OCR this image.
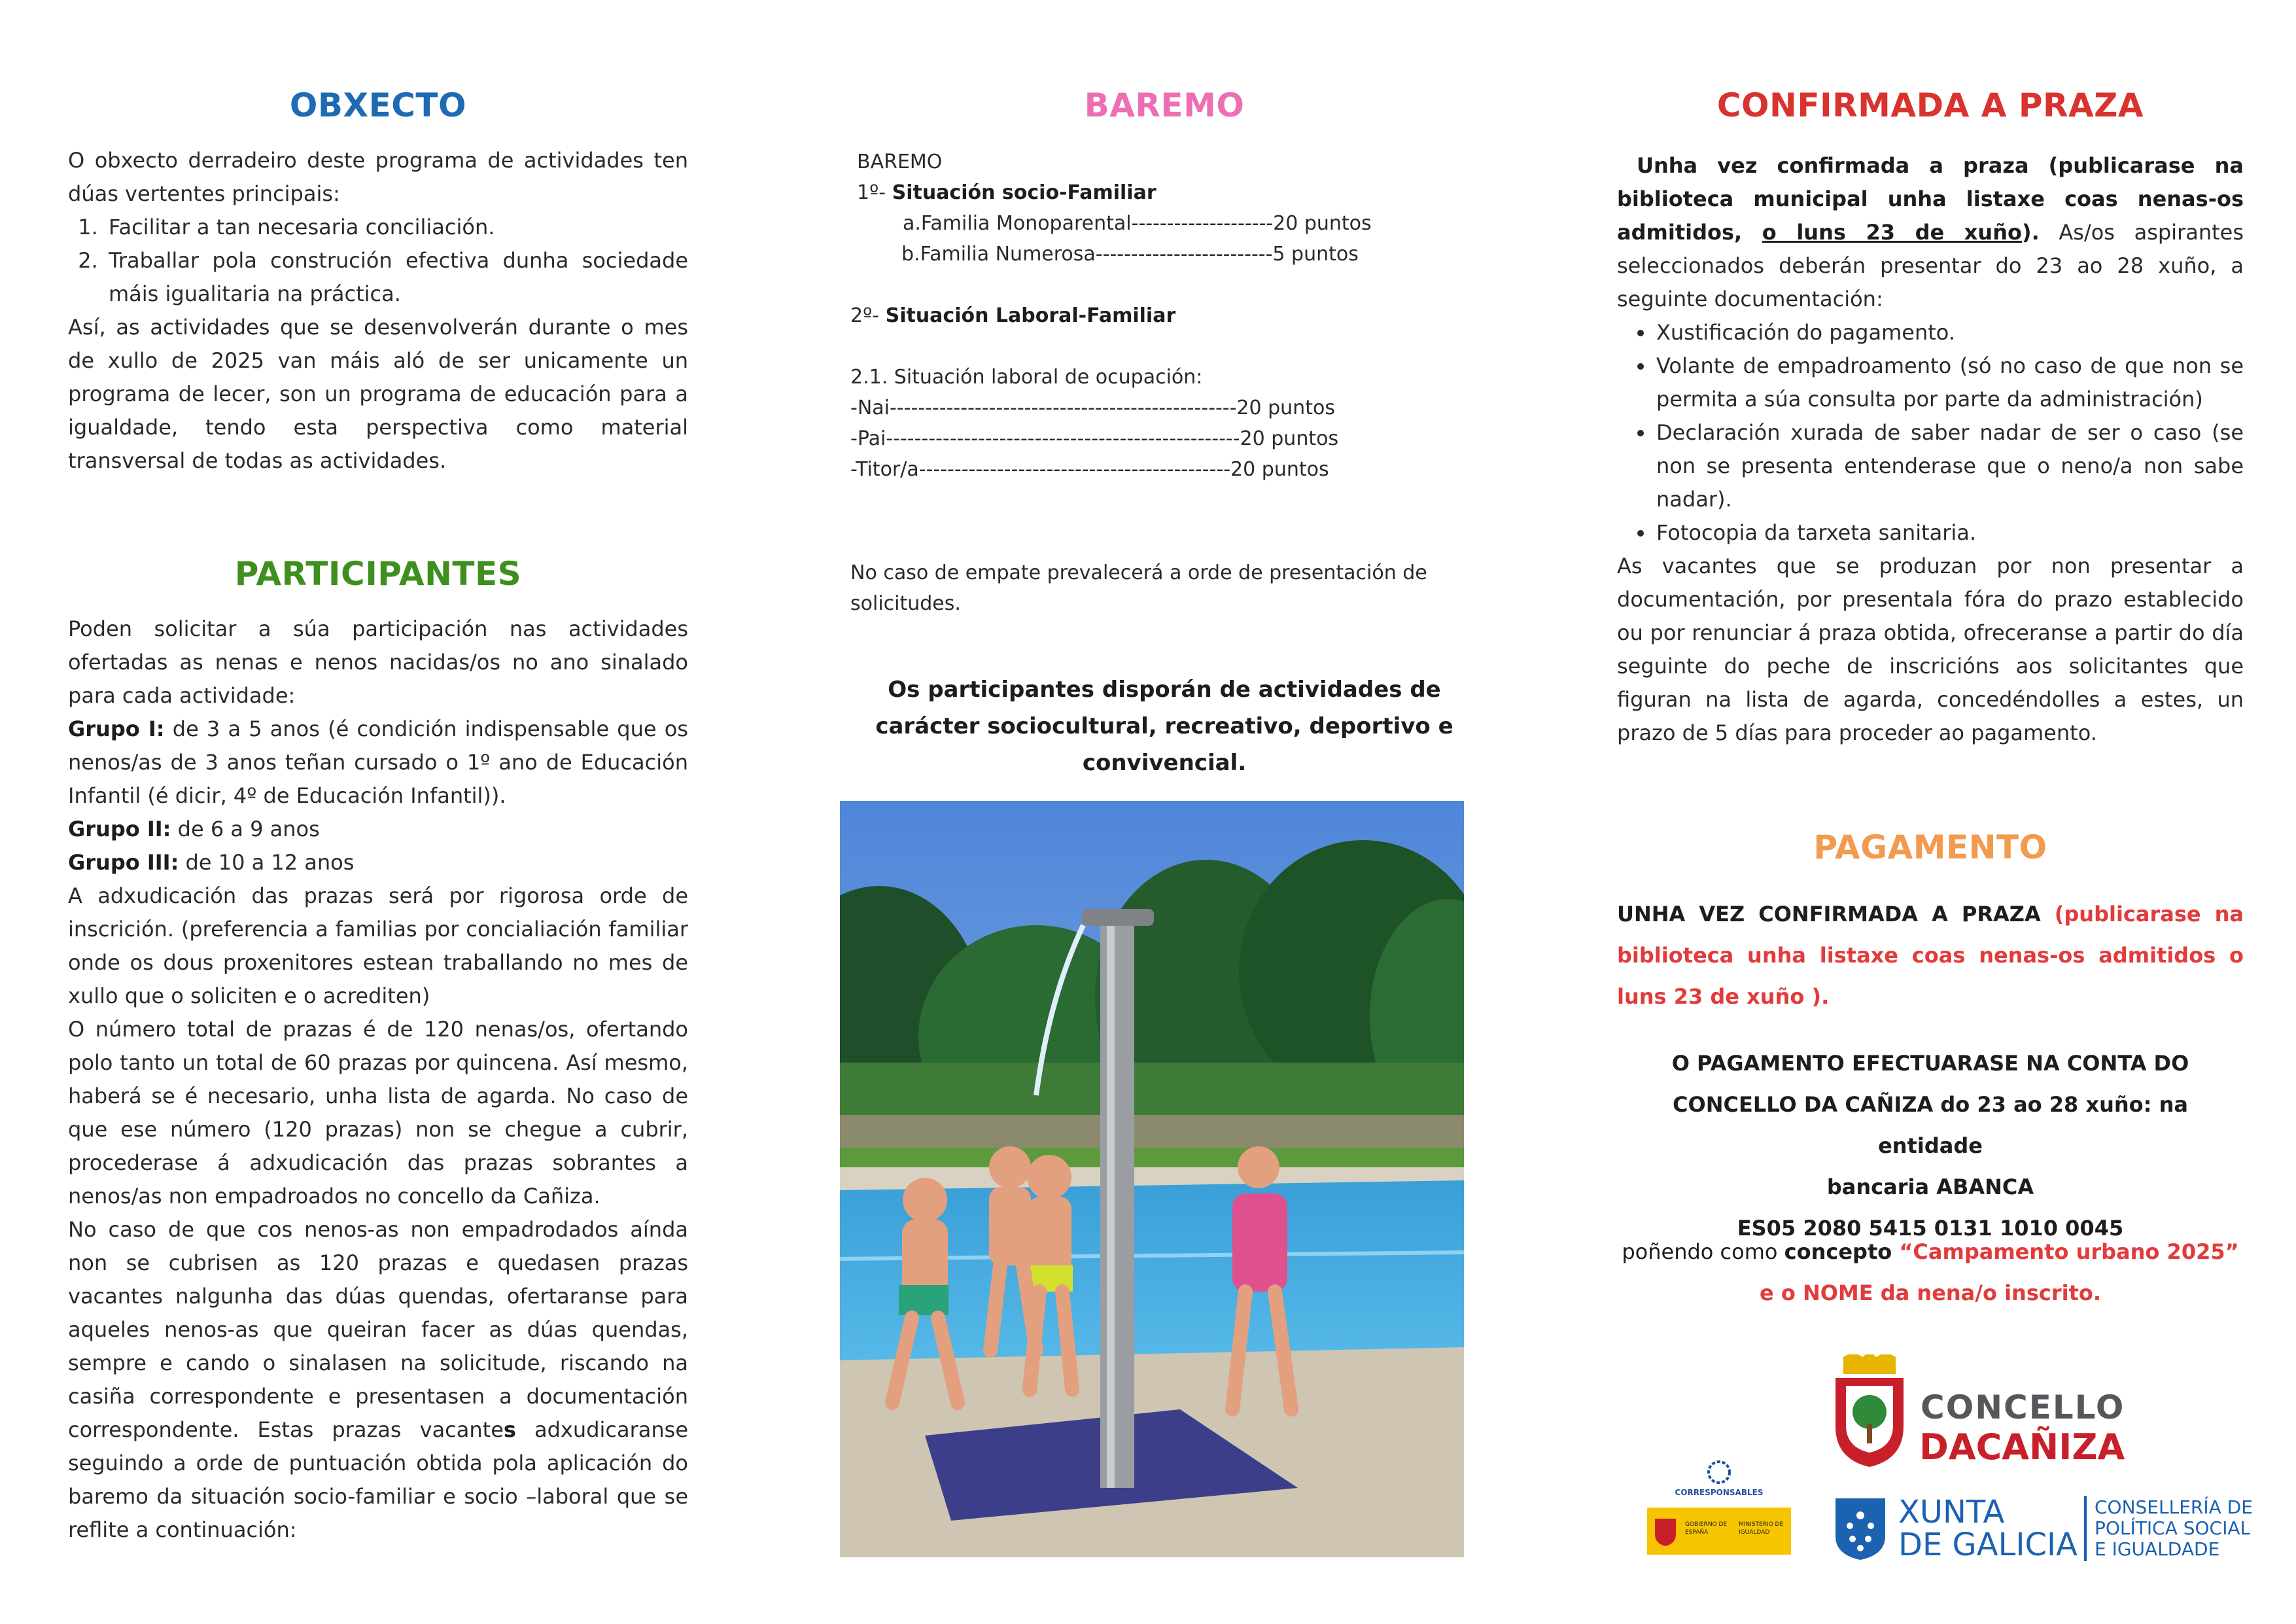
OBXECTO

O obxecto derradeiro deste programa de actividades ten dúas vertentes principais:

1. Facilitar a tan necesaria conciliación.
2. Traballar pola construción efectiva dunha sociedade máis igualitaria na práctica.

Así, as actividades que se desenvolverán durante o mes de xullo de 2025 van máis aló de ser unicamente un programa de lecer, son un programa de educación para a igualdade, tendo esta perspectiva como material transversal de todas as actividades.

PARTICIPANTES

Poden solicitar a súa participación nas actividades ofertadas as nenas e nenos nacidas/os no ano sinalado para cada actividade:

Grupo I: de 3 a 5 anos (é condición indispensable que os nenos/as de 3 anos teñan cursado o 1º ano de Educación Infantil (é dicir, 4º de Educación Infantil)).

Grupo II: de 6 a 9 anos

Grupo III: de 10 a 12 anos

A adxudicación das prazas será por rigorosa orde de inscrición. (preferencia a familias por concialiación familiar onde os dous proxenitores estean traballando no mes de xullo que o soliciten e o acrediten)

O número total de prazas é de 120 nenas/os, ofertando polo tanto un total de 60 prazas por quincena. Así mesmo, haberá se é necesario, unha lista de agarda. No caso de que ese número (120 prazas) non se chegue a cubrir, procederase á adxudicación das prazas sobrantes a nenos/as non empadroados no concello da Cañiza.

No caso de que cos nenos-as non empadrodados aínda non se cubrisen as 120 prazas e quedasen prazas vacantes nalgunha das dúas quendas, ofertaranse para aqueles nenos-as que queiran facer as dúas quendas, sempre e cando o sinalasen na solicitude, riscando na casiña correspondente e presentasen a documentación correspondente. Estas prazas vacantes adxudicaranse seguindo a orde de puntuación obtida pola aplicación do baremo da situación socio-familiar e socio –laboral que se reflite a continuación:

BAREMO
BAREMO
1º- Situación socio-Familiar
a.Familia Monoparental--------------------20 puntos
b.Familia Numerosa-------------------------5 puntos
2º- Situación Laboral-Familiar
2.1. Situación laboral de ocupación:
-Nai-------------------------------------------------20 puntos
-Pai--------------------------------------------------20 puntos
-Titor/a--------------------------------------------20 puntos
No caso de empate prevalecerá a orde de presentación de solicitudes.
Os participantes disporán de actividades de carácter sociocultural, recreativo, deportivo e convivencial.
CONFIRMADA A PRAZA

Unha vez confirmada a praza (publicarase na biblioteca municipal unha listaxe coas nenas-os admitidos, o luns 23 de xuño). As/os aspirantes seleccionados deberán presentar do 23 ao 28 xuño, a seguinte documentación:

• Xustificación do pagamento.
• Volante de empadroamento (só no caso de que non se permita a súa consulta por parte da administración)
• Declaración xurada de saber nadar de ser o caso (se non se presenta entenderase que o neno/a non sabe nadar).
• Fotocopia da tarxeta sanitaria.

As vacantes que se produzan por non presentar a documentación, por presentala fóra do prazo establecido ou por renunciar á praza obtida, ofreceranse a partir do día seguinte do peche de inscricións aos solicitantes que figuran na lista de agarda, concedéndolles a estes, un prazo de 5 días para proceder ao pagamento.

PAGAMENTO
UNHA VEZ CONFIRMADA A PRAZA (publicarase na biblioteca unha listaxe coas nenas-os admitidos o luns 23 de xuño ).
O PAGAMENTO EFECTUARASE NA CONTA DO
CONCELLO DA CAÑIZA do 23 ao 28 xuño: na entidade
bancaria ABANCA
ES05 2080 5415 0131 1010 0045
poñendo como concepto “Campamento urbano 2025”
e o NOME da nena/o inscrito.
CONCELLO
DACAÑIZA
CORRESPONSABLES
GOBIERNO DE ESPAÑA
MINISTERIO DE IGUALDAD
XUNTA
DE GALICIA
CONSELLERÍA DE
POLÍTICA SOCIAL
E IGUALDADE
